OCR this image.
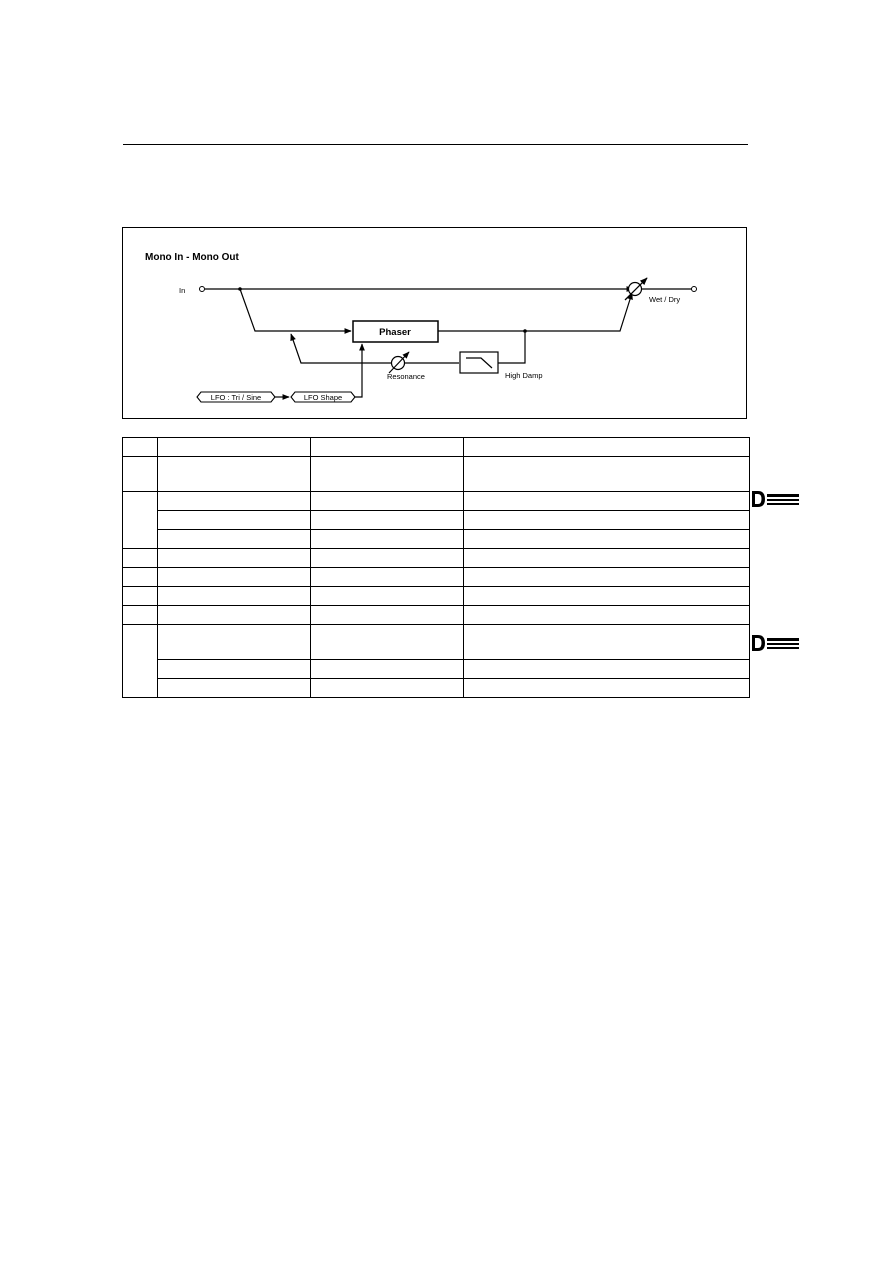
Mono In - Mono Out
In
Phaser
High Damp
Resonance
Wet / Dry
LFO : Tri / Sine	LFO Shape
